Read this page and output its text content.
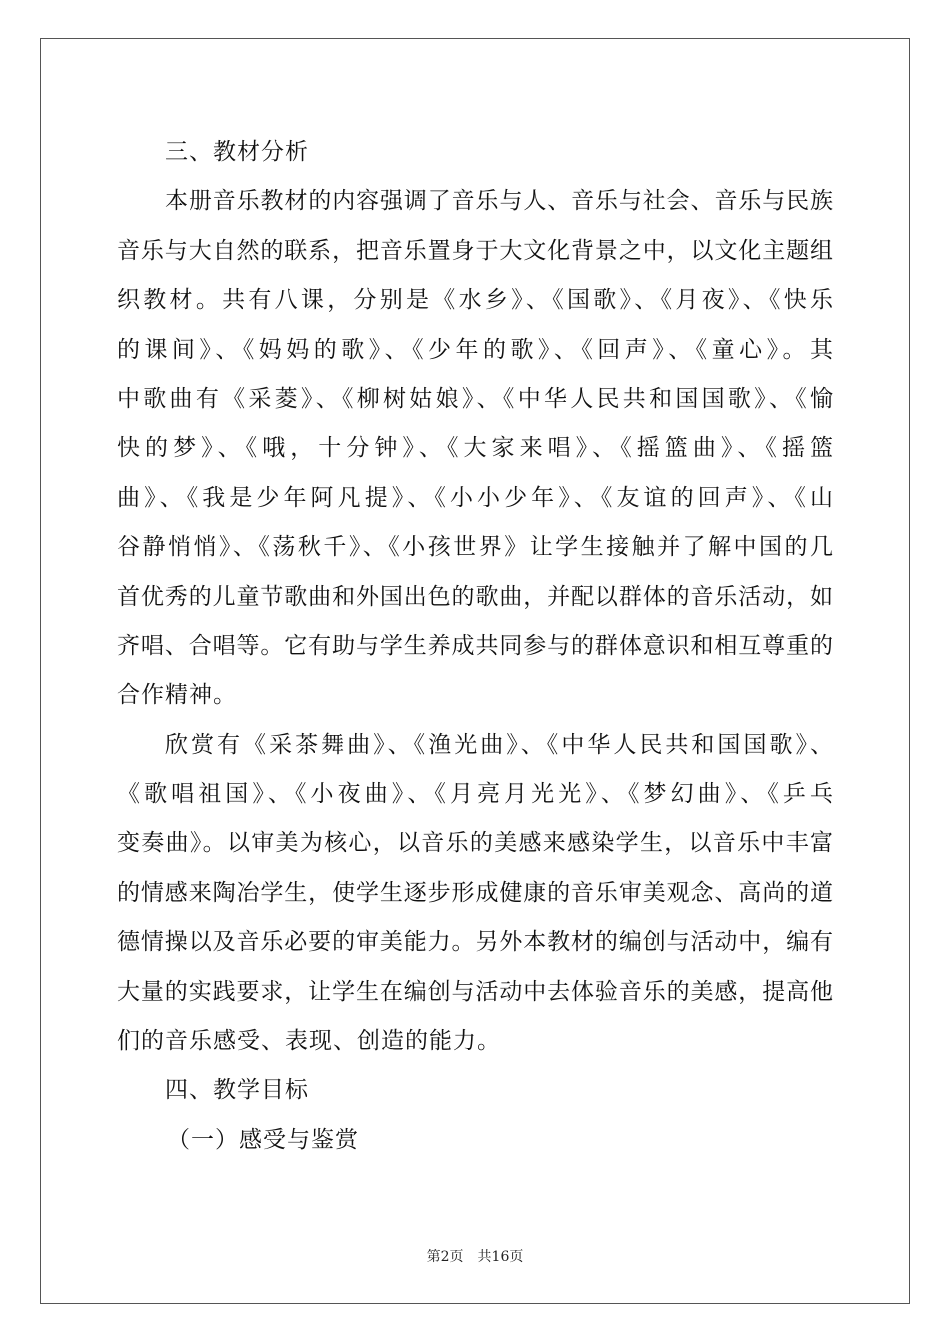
三、教材分析
本册音乐教材的内容强调了音乐与人、音乐与社会、音乐与民族
音乐与大自然的联系，把音乐置身于大文化背景之中，以文化主题组
织教材。共有八课，分别是《水乡》、《国歌》、《月夜》、《快乐
的课间》、《妈妈的歌》、《少年的歌》、《回声》、《童心》。其
中歌曲有《采菱》、《柳树姑娘》、《中华人民共和国国歌》、《愉
快的梦》、《哦，十分钟》、《大家来唱》、《摇篮曲》、《摇篮
曲》、《我是少年阿凡提》、《小小少年》、《友谊的回声》、《山
谷静悄悄》、《荡秋千》、《小孩世界》让学生接触并了解中国的几
首优秀的儿童节歌曲和外国出色的歌曲，并配以群体的音乐活动，如
齐唱、合唱等。它有助与学生养成共同参与的群体意识和相互尊重的
合作精神。
欣赏有《采茶舞曲》、《渔光曲》、《中华人民共和国国歌》、
《歌唱祖国》、《小夜曲》、《月亮月光光》、《梦幻曲》、《乒乓
变奏曲》。以审美为核心，以音乐的美感来感染学生，以音乐中丰富
的情感来陶冶学生，使学生逐步形成健康的音乐审美观念、高尚的道
德情操以及音乐必要的审美能力。另外本教材的编创与活动中，编有
大量的实践要求，让学生在编创与活动中去体验音乐的美感，提高他
们的音乐感受、表现、创造的能力。
四、教学目标
（一）感受与鉴赏
第2页　共16页
